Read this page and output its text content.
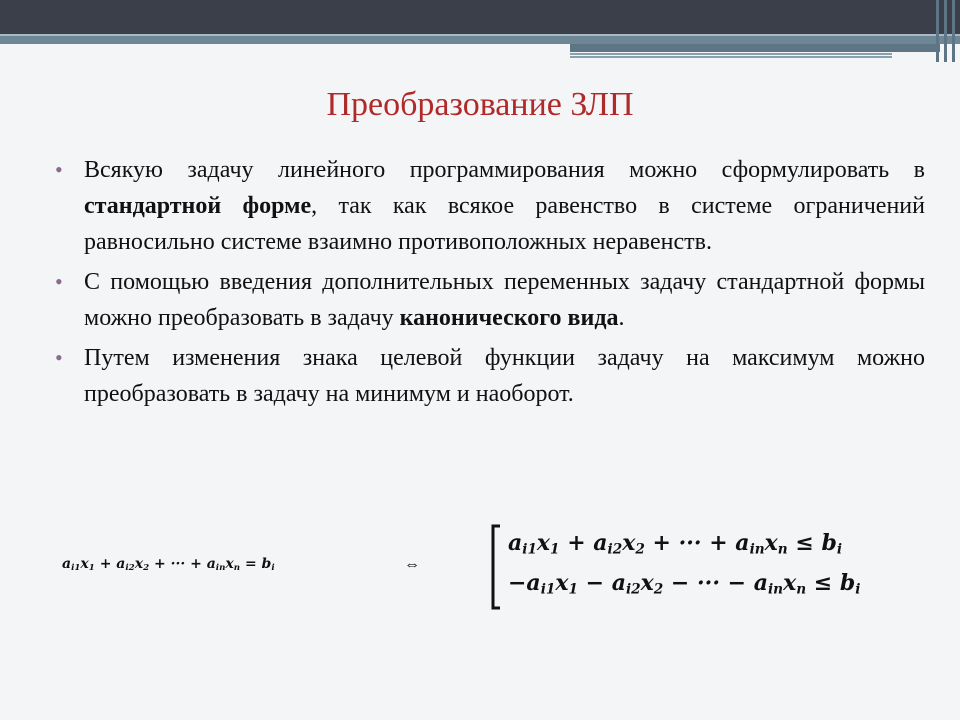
Преобразование ЗЛП
• Всякую задачу линейного программирования можно сформулировать в стандартной форме, так как всякое равенство в системе ограничений равносильно системе взаимно противоположных неравенств.
• С помощью введения дополнительных переменных задачу стандартной формы можно преобразовать в задачу канонического вида.
• Путем изменения знака целевой функции задачу на максимум можно преобразовать в задачу на минимум и наоборот.
$a_{i1}x_1 + a_{i2}x_2$ + ··· + $a_{in}x_n = b_i$	⇔
$a_{i1}x_1 + a_{i2}x_2$ + ··· + $a_{in}x_n \le b_i$
$-a_{i1}x_1 - a_{i2}x_2$ − ··· − $a_{in}x_n \le b_i$
